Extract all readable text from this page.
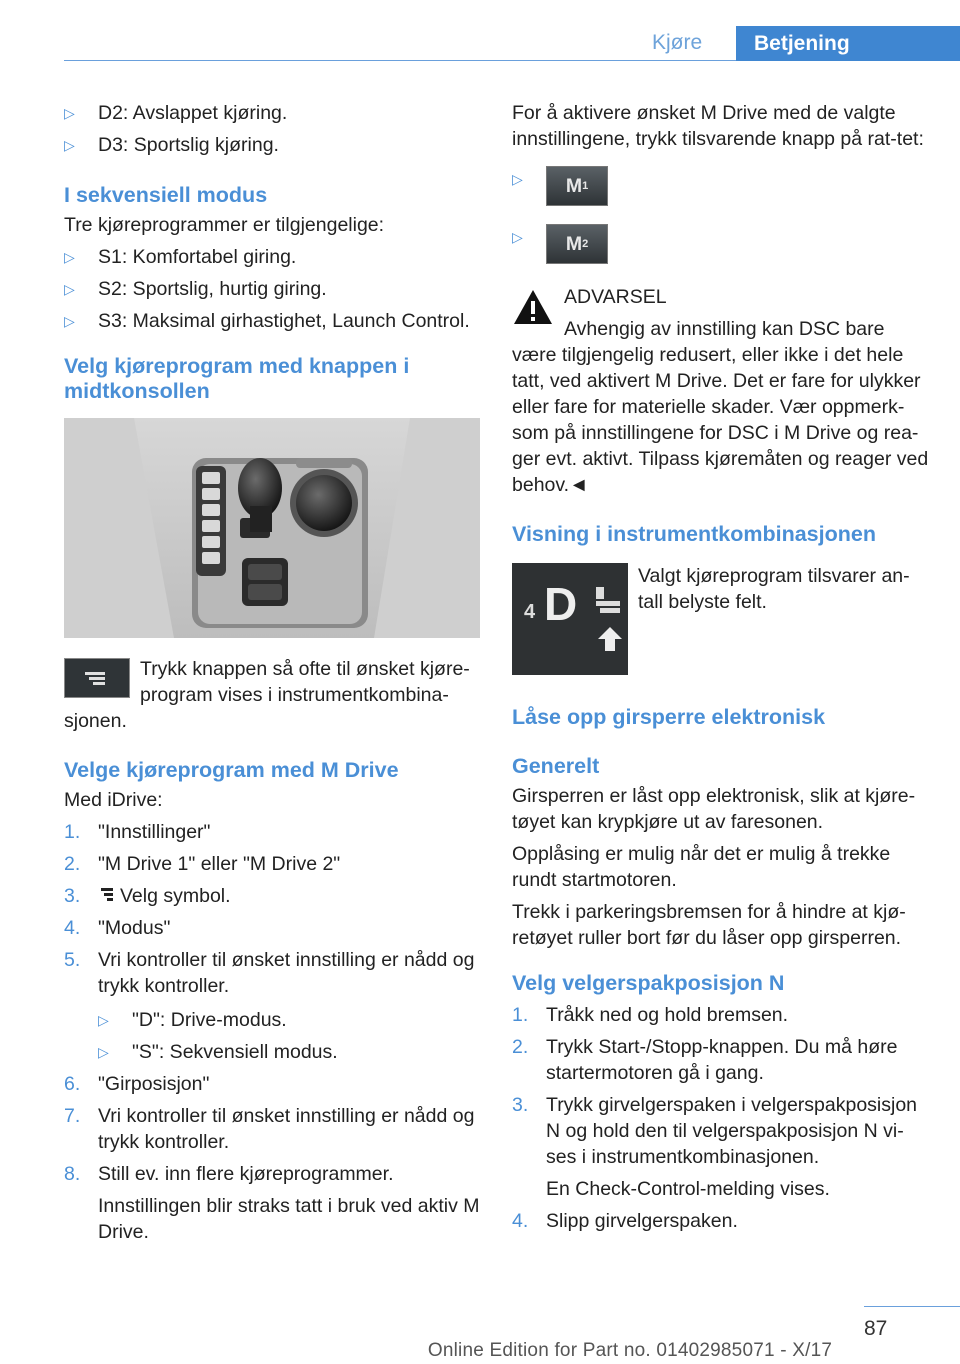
Kjøre	Betjening
▷	D2: Avslappet kjøring.
▷	D3: Sportslig kjøring.
I sekvensiell modus

Tre kjøreprogrammer er tilgjengelige:

▷	S1: Komfortabel giring.
▷	S2: Sportslig, hurtig giring.
▷	S3: Maksimal girhastighet, Launch Control.
Velg kjøreprogram med knappen i midtkonsollen

Trykk knappen så ofte til ønsket kjøre-

program vises i instrumentkombina-

sjonen.

Velge kjøreprogram med M Drive

Med iDrive:

1. "Innstillinger"
2. "M Drive 1" eller "M Drive 2"
3.	Velg symbol.
4. "Modus"
5. Vri kontroller til ønsket innstilling er nådd og trykk kontroller.
▷	"D": Drive-modus.
▷	"S": Sekvensiell modus.
6. "Girposisjon"
7. Vri kontroller til ønsket innstilling er nådd og trykk kontroller.
8. Still ev. inn flere kjøreprogrammer.

Innstillingen blir straks tatt i bruk ved aktiv M Drive.

For å aktivere ønsket M Drive med de valgte innstillingene, trykk tilsvarende knapp på rat-tet:

▷	M 1
▷	M 2

ADVARSEL

Avhengig av innstilling kan DSC bare

være tilgjengelig redusert, eller ikke i det hele tatt, ved aktivert M Drive. Det er fare for ulykker eller fare for materielle skader. Vær oppmerk-som på innstillingene for DSC i M Drive og rea-ger evt. aktivt. Tilpass kjøremåten og reager ved behov.◄

Visning i instrumentkombinasjonen
4 D

Valgt kjøreprogram tilsvarer an-tall belyste felt.

Låse opp girsperre elektronisk
Generelt

Girsperren er låst opp elektronisk, slik at kjøre-tøyet kan krypkjøre ut av faresonen.

Opplåsing er mulig når det er mulig å trekke rundt startmotoren.

Trekk i parkeringsbremsen for å hindre at kjø-retøyet ruller bort før du låser opp girsperren.

Velg velgerspakposisjon N
1. Tråkk ned og hold bremsen.
2. Trykk Start-/Stopp-knappen. Du må høre startermotoren gå i gang.
3. Trykk girvelgerspaken i velgerspakposisjon N og hold den til velgerspakposisjon N vi-ses i instrumentkombinasjonen.

En Check-Control-melding vises.

4. Slipp girvelgerspaken.
87
Online Edition for Part no. 01402985071 - X/17
